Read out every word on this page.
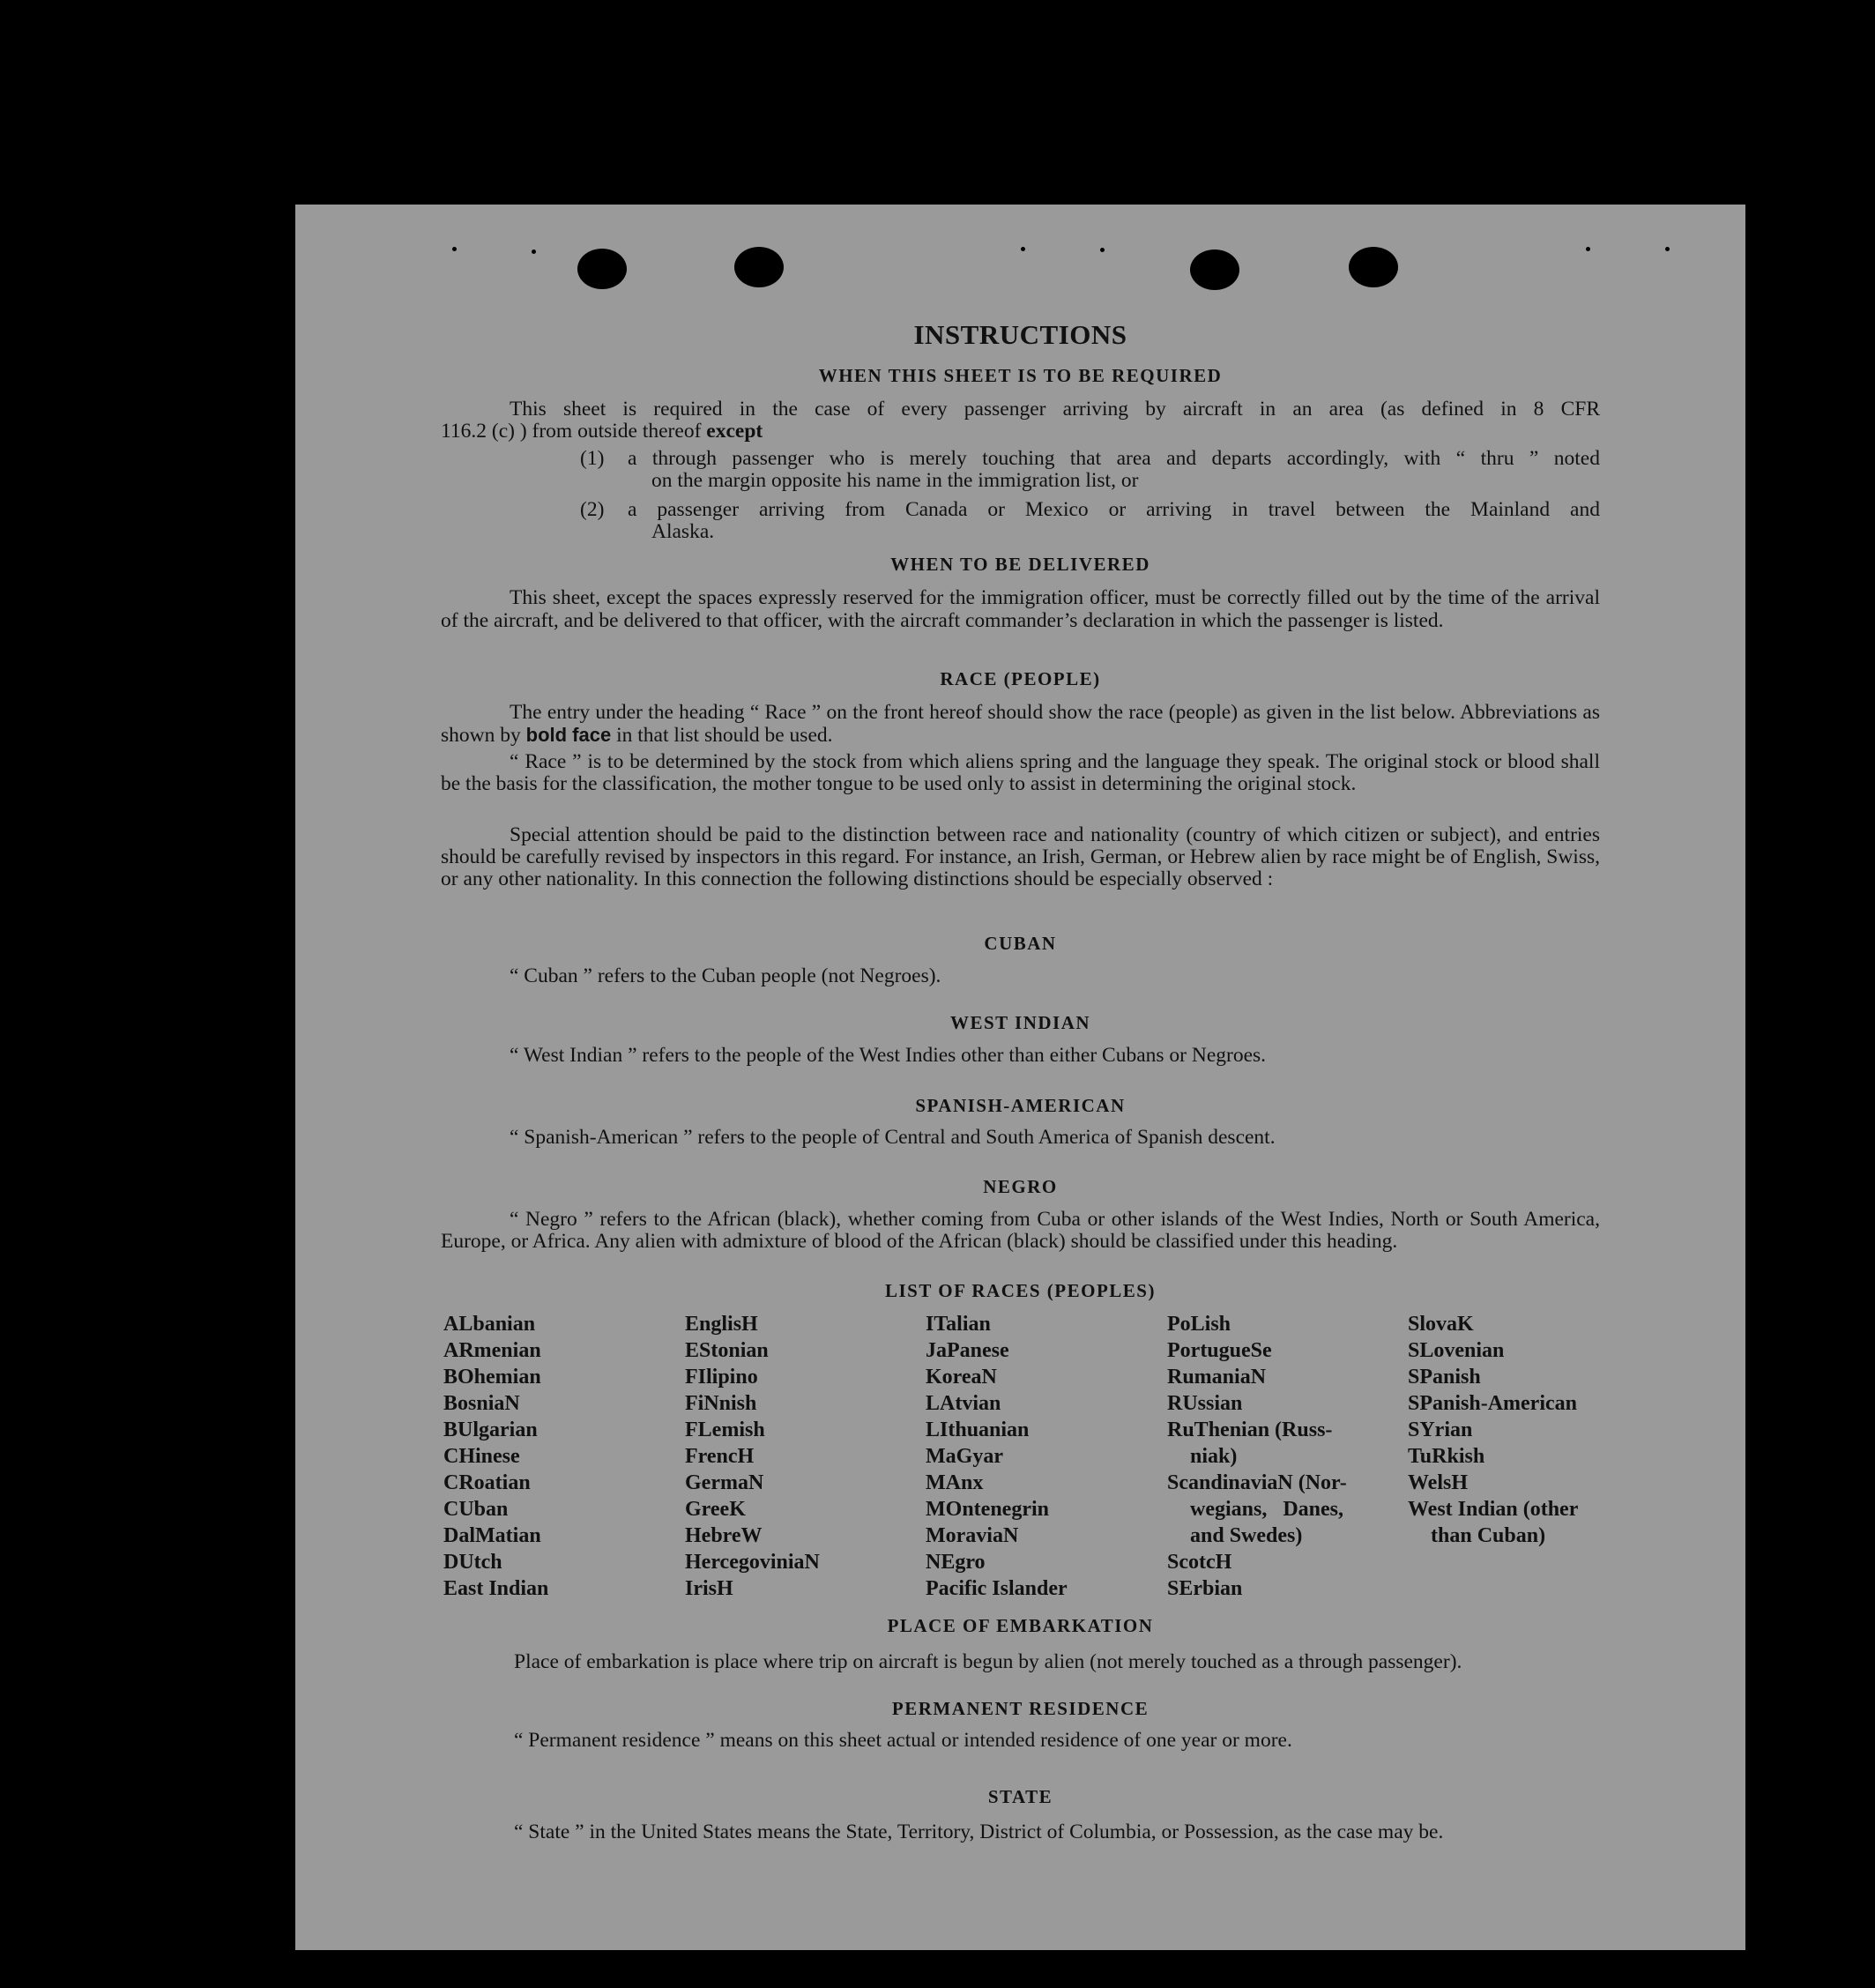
INSTRUCTIONS
WHEN THIS SHEET IS TO BE REQUIRED
This sheet is required in the case of every passenger arriving by aircraft in an area (as defined in 8 CFR
116.2 (c) ) from outside thereof except
(1) a through passenger who is merely touching that area and departs accordingly, with “ thru ” noted
on the margin opposite his name in the immigration list, or
(2) a passenger arriving from Canada or Mexico or arriving in travel between the Mainland and
Alaska.
WHEN TO BE DELIVERED
This sheet, except the spaces expressly reserved for the immigration officer, must be correctly filled out by the time of the arrival of the aircraft, and be delivered to that officer, with the aircraft commander’s declaration in which the passenger is listed.
RACE (PEOPLE)
The entry under the heading “ Race ” on the front hereof should show the race (people) as given in the list below. Abbreviations as shown by bold face in that list should be used.
“ Race ” is to be determined by the stock from which aliens spring and the language they speak. The original stock or blood shall be the basis for the classification, the mother tongue to be used only to assist in determining the original stock.
Special attention should be paid to the distinction between race and nationality (country of which citizen or subject), and entries should be carefully revised by inspectors in this regard. For instance, an Irish, German, or Hebrew alien by race might be of English, Swiss, or any other nationality. In this connection the following distinctions should be especially observed :
CUBAN
“ Cuban ” refers to the Cuban people (not Negroes).
WEST INDIAN
“ West Indian ” refers to the people of the West Indies other than either Cubans or Negroes.
SPANISH-AMERICAN
“ Spanish-American ” refers to the people of Central and South America of Spanish descent.
NEGRO
“ Negro ” refers to the African (black), whether coming from Cuba or other islands of the West Indies, North or South America, Europe, or Africa. Any alien with admixture of blood of the African (black) should be classified under this heading.
LIST OF RACES (PEOPLES)
ALbanian
ARmenian
BOhemian
BosniaN
BUlgarian
CHinese
CRoatian
CUban
DalMatian
DUtch
East Indian
EnglisH
EStonian
FIlipino
FiNnish
FLemish
FrencH
GermaN
GreeK
HebreW
HercegoviniaN
IrisH
ITalian
JaPanese
KoreaN
LAtvian
LIthuanian
MaGyar
MAnx
MOntenegrin
MoraviaN
NEgro
Pacific Islander
PoLish
PortugueSe
RumaniaN
RUssian
RuThenian (Russ-
niak)
ScandinaviaN (Nor-
wegians,   Danes,
and Swedes)
ScotcH
SErbian
SlovaK
SLovenian
SPanish
SPanish-American
SYrian
TuRkish
WelsH
West Indian (other
than Cuban)
PLACE OF EMBARKATION
Place of embarkation is place where trip on aircraft is begun by alien (not merely touched as a through passenger).
PERMANENT RESIDENCE
“ Permanent residence ” means on this sheet actual or intended residence of one year or more.
STATE
“ State ” in the United States means the State, Territory, District of Columbia, or Possession, as the case may be.
